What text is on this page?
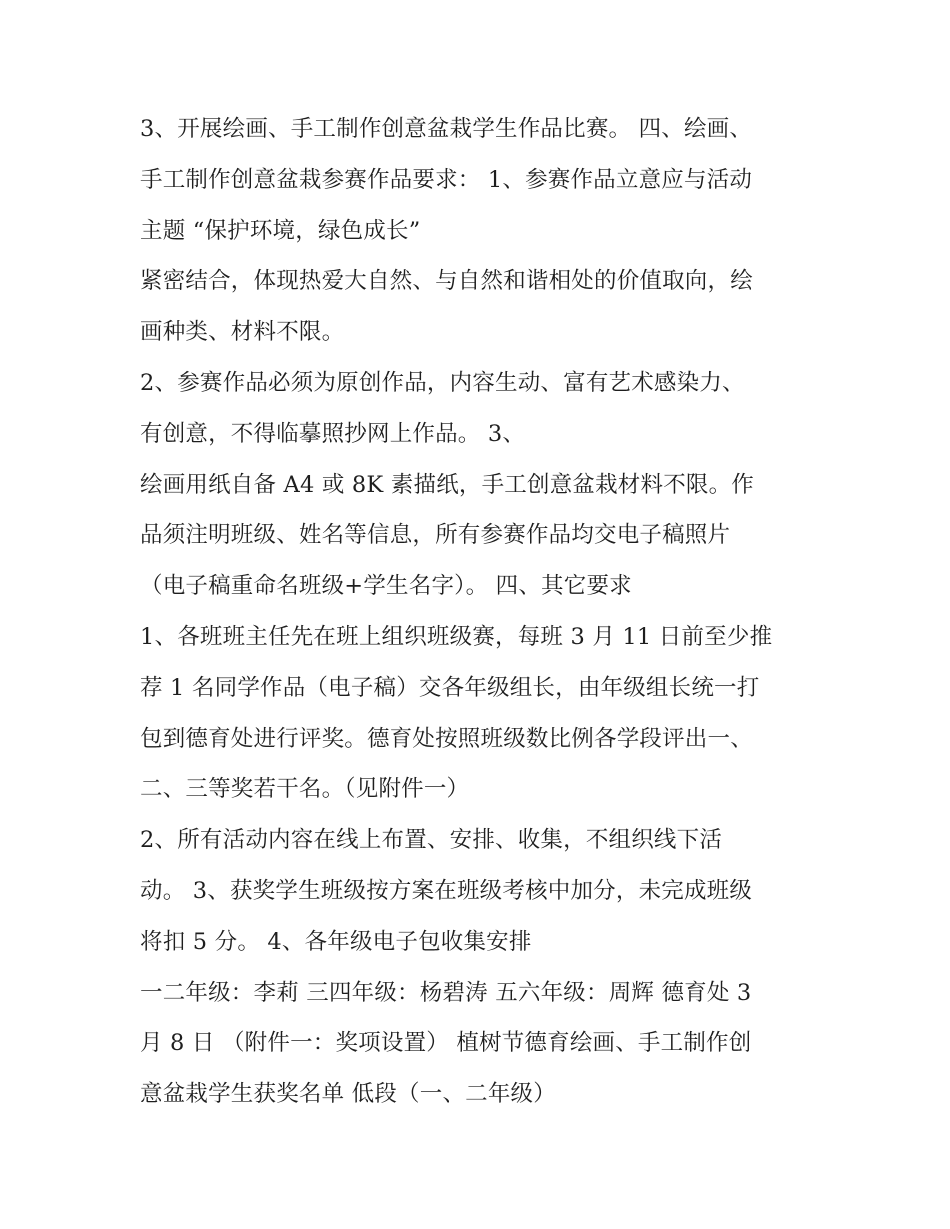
3、开展绘画、手工制作创意盆栽学生作品比赛。 四、绘画、
手工制作创意盆栽参赛作品要求： 1、参赛作品立意应与活动
主题 “保护环境，绿色成长”
紧密结合，体现热爱大自然、与自然和谐相处的价值取向，绘
画种类、材料不限。
2、参赛作品必须为原创作品，内容生动、富有艺术感染力、
有创意，不得临摹照抄网上作品。 3、
绘画用纸自备 A4 或 8K 素描纸，手工创意盆栽材料不限。作
品须注明班级、姓名等信息，所有参赛作品均交电子稿照片
（电子稿重命名班级+学生名字）。 四、其它要求
1、各班班主任先在班上组织班级赛，每班 3 月 11 日前至少推
荐 1 名同学作品（电子稿）交各年级组长，由年级组长统一打
包到德育处进行评奖。德育处按照班级数比例各学段评出一、
二、三等奖若干名。（见附件一）
2、所有活动内容在线上布置、安排、收集，不组织线下活
动。 3、获奖学生班级按方案在班级考核中加分，未完成班级
将扣 5 分。 4、各年级电子包收集安排
一二年级：李莉 三四年级：杨碧涛 五六年级：周辉 德育处 3
月 8 日 （附件一：奖项设置） 植树节德育绘画、手工制作创
意盆栽学生获奖名单 低段（一、二年级）
